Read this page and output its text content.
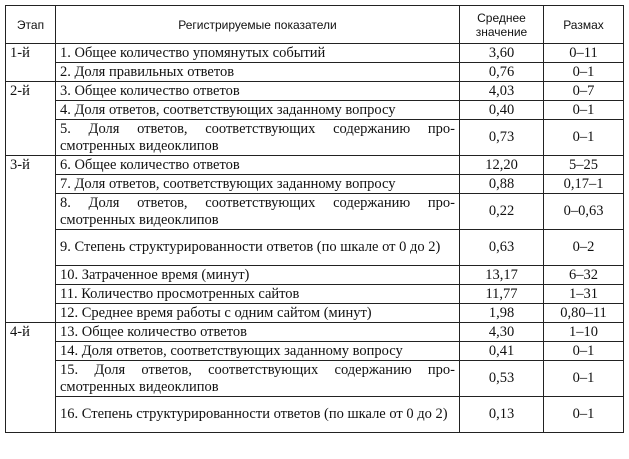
Этап	Регистрируемые показатели	Среднее значение	Размах
1-й	1. Общее количество упомянутых событий	3,60	0–11
	2. Доля правильных ответов	0,76	0–1
2-й	3. Общее количество ответов	4,03	0–7
	4. Доля ответов, соответствующих заданному вопросу	0,40	0–1
	5. Доля ответов, соответствующих содержанию просмотренных видеоклипов	0,73	0–1
3-й	6. Общее количество ответов	12,20	5–25
	7. Доля ответов, соответствующих заданному вопросу	0,88	0,17–1
	8. Доля ответов, соответствующих содержанию просмотренных видеоклипов	0,22	0–0,63
	9. Степень структурированности ответов (по шкале от 0 до 2)	0,63	0–2
	10. Затраченное время (минут)	13,17	6–32
	11. Количество просмотренных сайтов	11,77	1–31
	12. Среднее время работы с одним сайтом (минут)	1,98	0,80–11
4-й	13. Общее количество ответов	4,30	1–10
	14. Доля ответов, соответствующих заданному вопросу	0,41	0–1
	15. Доля ответов, соответствующих содержанию просмотренных видеоклипов	0,53	0–1
	16. Степень структурированности ответов (по шкале от 0 до 2)	0,13	0–1
